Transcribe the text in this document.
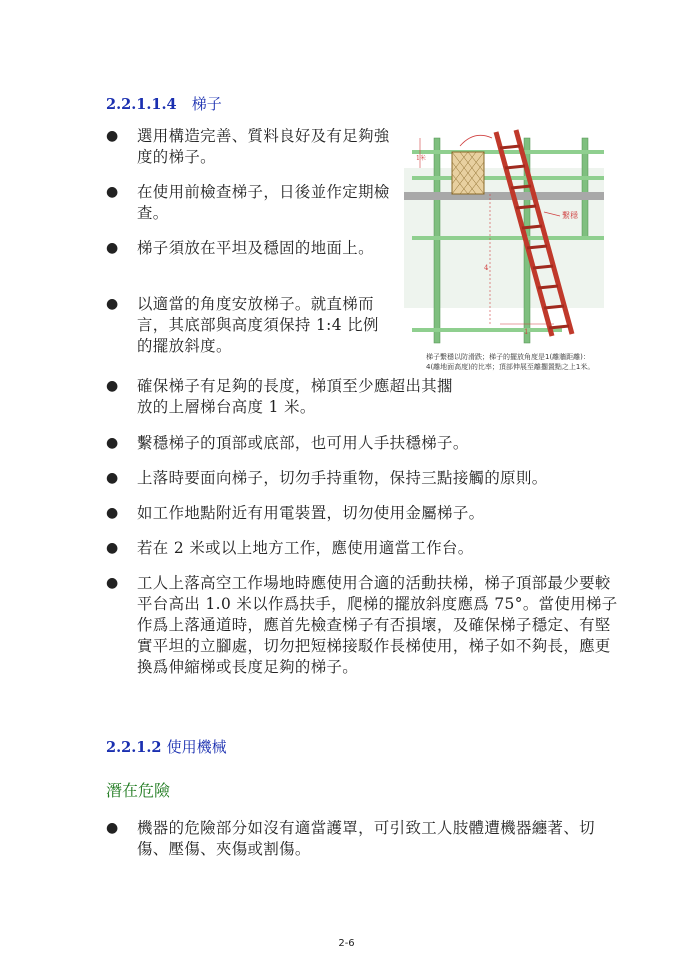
2.2.1.1.4 梯子
● 選用構造完善、質料良好及有足夠強度的梯子。
● 在使用前檢查梯子，日後並作定期檢查。
● 梯子須放在平坦及穩固的地面上。
● 以適當的角度安放梯子。就直梯而言，其底部與高度須保持 1:4 比例的擺放斜度。
1米
4
1
繫穩
梯子繫穩以防滑跌；梯子的擺放角度是1(離牆距離)：4(離地面高度)的比率；頂部伸展至離擱置點之上1米。
● 確保梯子有足夠的長度，梯頂至少應超出其擱放的上層梯台高度 1 米。
● 繫穩梯子的頂部或底部，也可用人手扶穩梯子。
● 上落時要面向梯子，切勿手持重物，保持三點接觸的原則。
● 如工作地點附近有用電裝置，切勿使用金屬梯子。
● 若在 2 米或以上地方工作，應使用適當工作台。
● 工人上落高空工作場地時應使用合適的活動扶梯，梯子頂部最少要較平台高出 1.0 米以作爲扶手，爬梯的擺放斜度應爲 75°。當使用梯子作爲上落通道時，應首先檢查梯子有否損壞，及確保梯子穩定、有堅實平坦的立腳處，切勿把短梯接駁作長梯使用，梯子如不夠長，應更換爲伸縮梯或長度足夠的梯子。
2.2.1.2 使用機械
潛在危險
● 機器的危險部分如沒有適當護罩，可引致工人肢體遭機器纏著、切傷、壓傷、夾傷或割傷。
2-6
